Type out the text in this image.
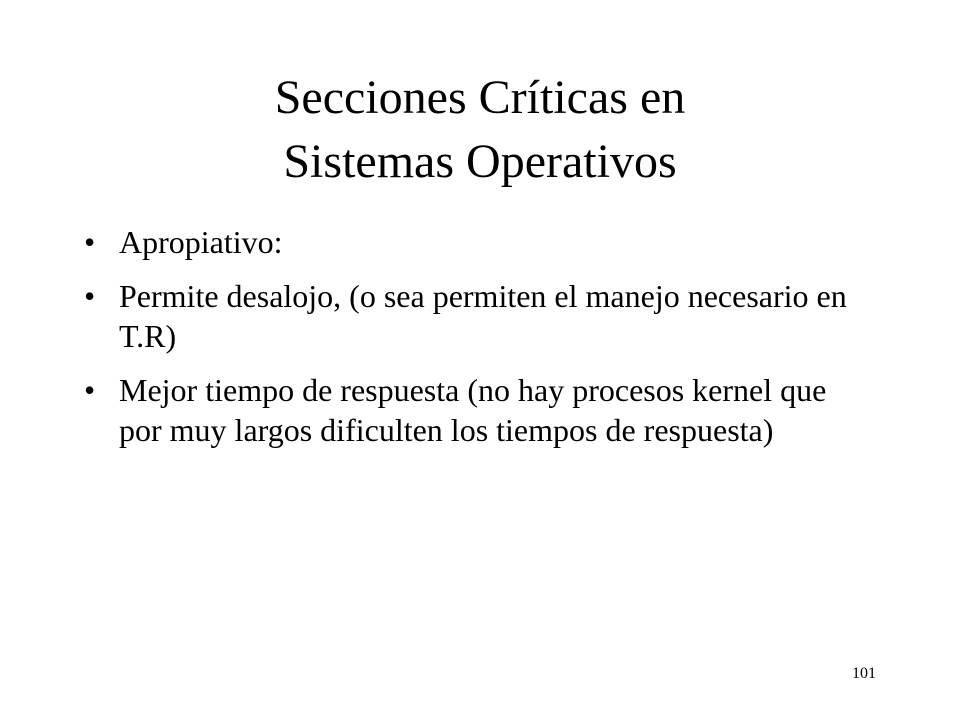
Secciones Críticas en
Sistemas Operativos
• Apropiativo:
• Permite desalojo, (o sea permiten el manejo necesario en T.R)
• Mejor tiempo de respuesta (no hay procesos kernel que por muy largos dificulten los tiempos de respuesta)
101
